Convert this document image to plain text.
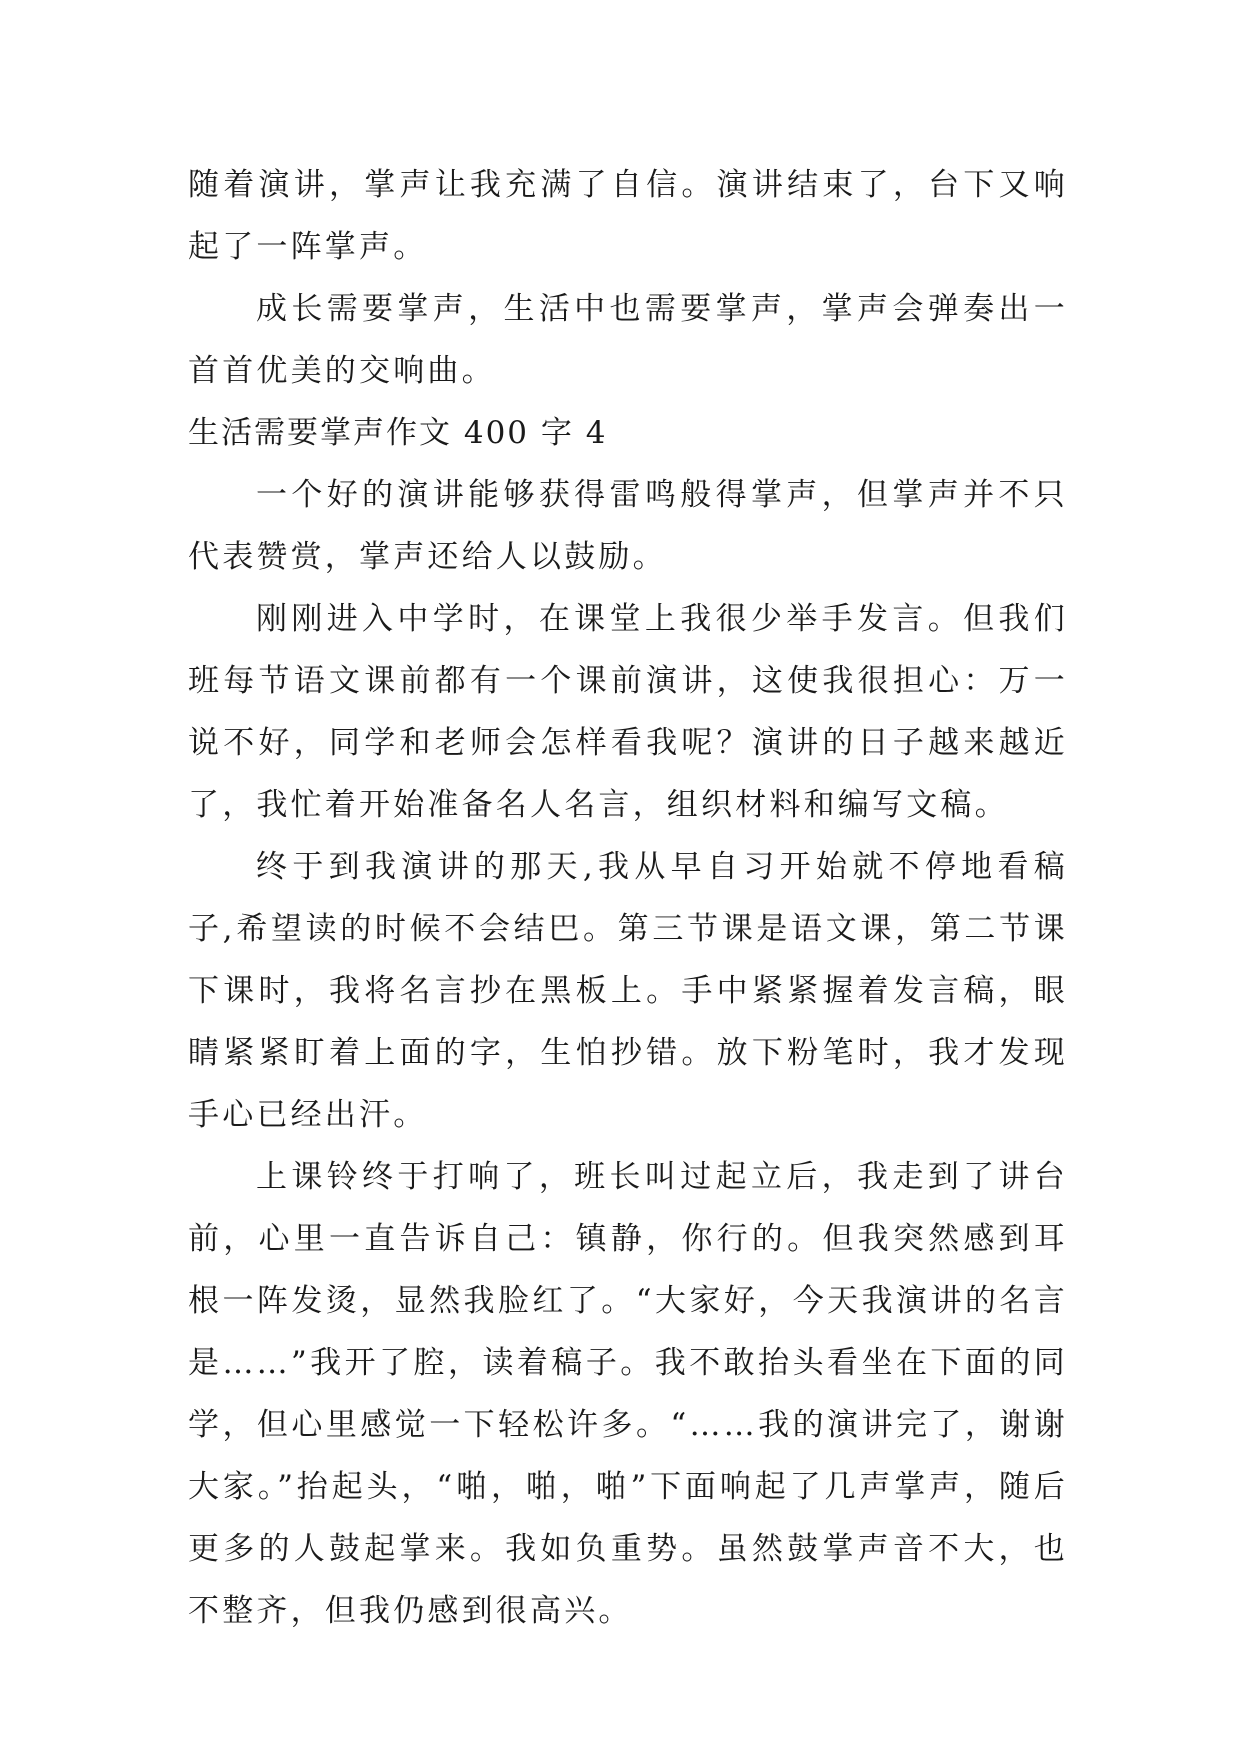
随着演讲，掌声让我充满了自信。演讲结束了，台下又响起了一阵掌声。

成长需要掌声，生活中也需要掌声，掌声会弹奏出一首首优美的交响曲。

生活需要掌声作文 400 字 4

一个好的演讲能够获得雷鸣般得掌声，但掌声并不只代表赞赏，掌声还给人以鼓励。

刚刚进入中学时，在课堂上我很少举手发言。但我们班每节语文课前都有一个课前演讲，这使我很担心：万一说不好，同学和老师会怎样看我呢？演讲的日子越来越近了，我忙着开始准备名人名言，组织材料和编写文稿。

终于到我演讲的那天,我从早自习开始就不停地看稿子,希望读的时候不会结巴。第三节课是语文课，第二节课下课时，我将名言抄在黑板上。手中紧紧握着发言稿，眼睛紧紧盯着上面的字，生怕抄错。放下粉笔时，我才发现手心已经出汗。

上课铃终于打响了，班长叫过起立后，我走到了讲台前，心里一直告诉自己：镇静，你行的。但我突然感到耳根一阵发烫，显然我脸红了。“大家好，今天我演讲的名言是……”我开了腔，读着稿子。我不敢抬头看坐在下面的同学，但心里感觉一下轻松许多。“……我的演讲完了，谢谢大家。”抬起头，“啪，啪，啪”下面响起了几声掌声，随后更多的人鼓起掌来。我如负重势。虽然鼓掌声音不大，也不整齐，但我仍感到很高兴。
